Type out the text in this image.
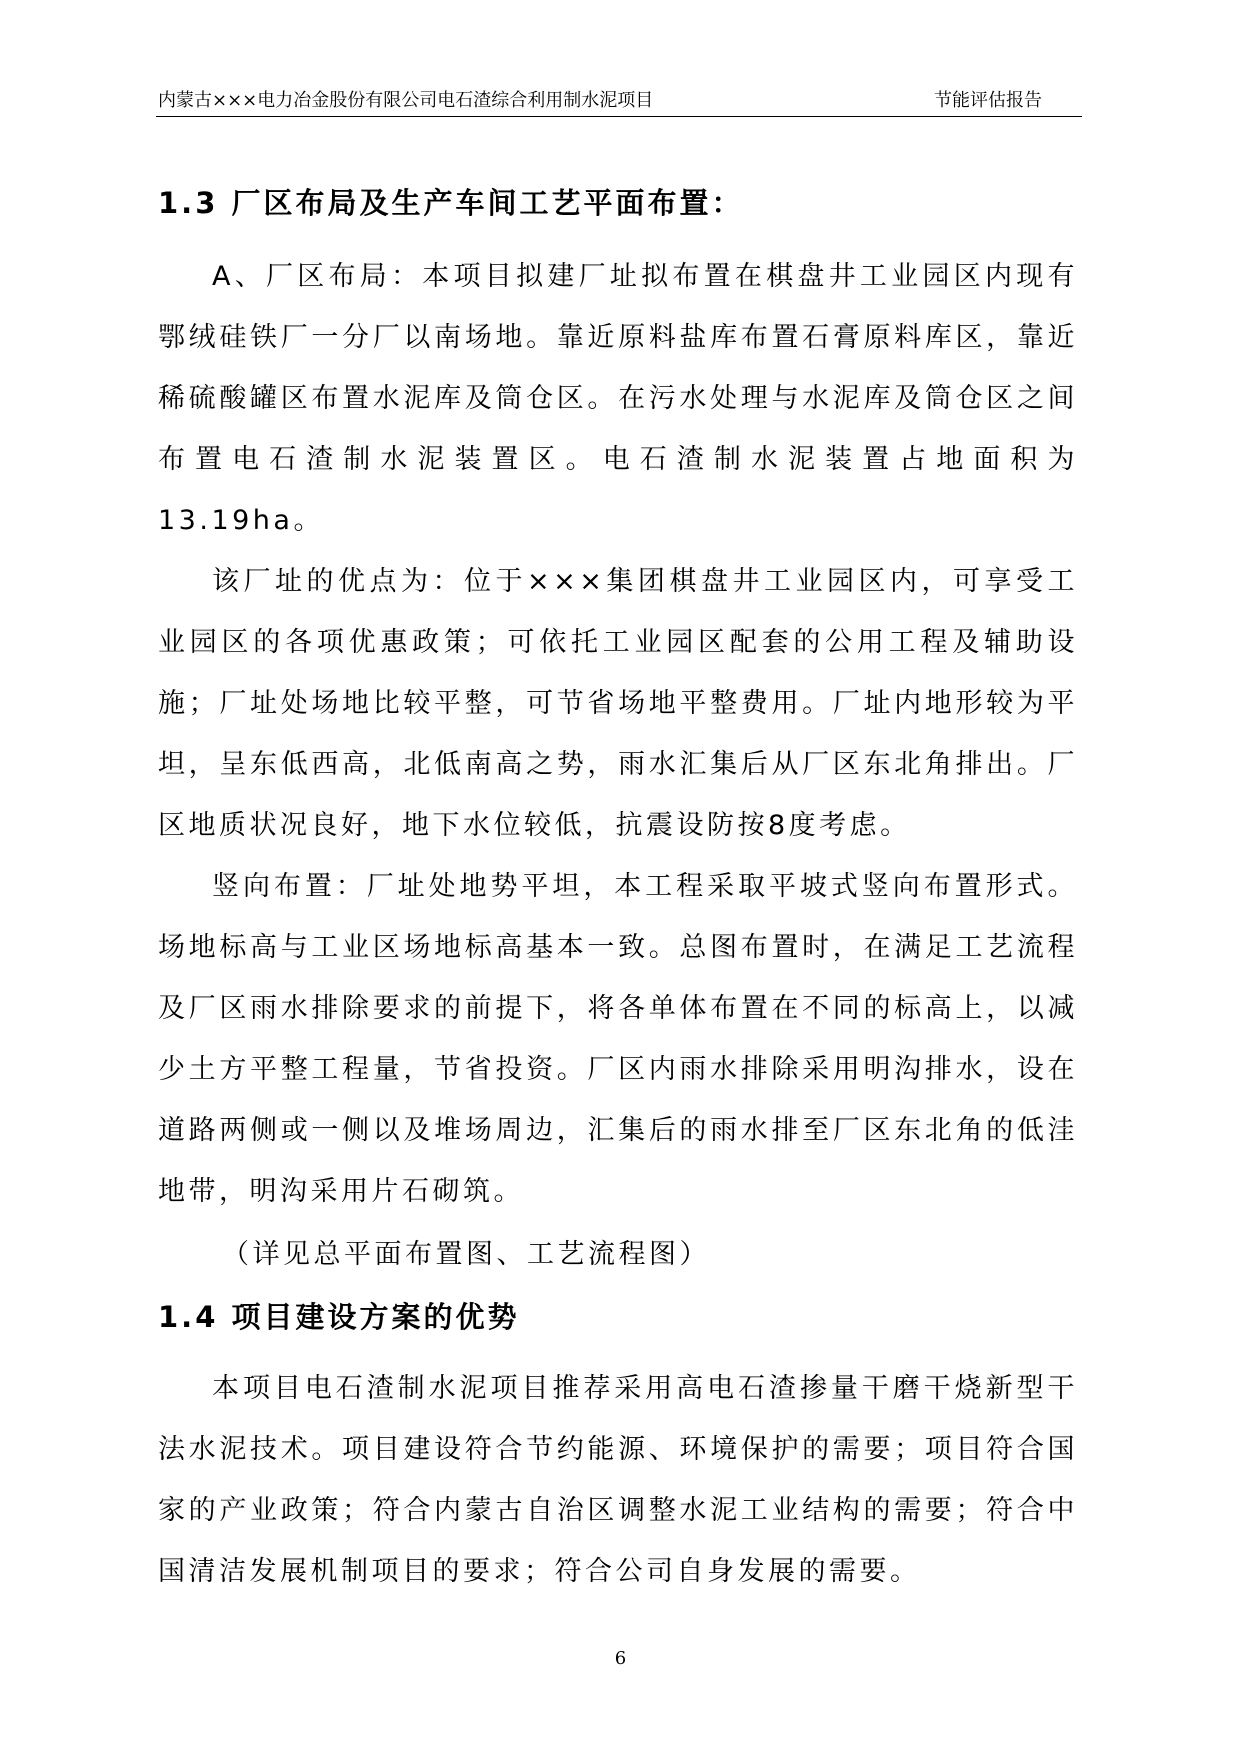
内蒙古×××电力冶金股份有限公司电石渣综合利用制水泥项目	节能评估报告
1.3 厂区布局及生产车间工艺平面布置：

A、厂区布局：本项目拟建厂址拟布置在棋盘井工业园区内现有鄂绒硅铁厂一分厂以南场地。靠近原料盐库布置石膏原料库区，靠近稀硫酸罐区布置水泥库及筒仓区。在污水处理与水泥库及筒仓区之间布置电石渣制水泥装置区。电石渣制水泥装置占地面积为13.19ha。

该厂址的优点为：位于×××集团棋盘井工业园区内，可享受工业园区的各项优惠政策；可依托工业园区配套的公用工程及辅助设施；厂址处场地比较平整，可节省场地平整费用。厂址内地形较为平坦，呈东低西高，北低南高之势，雨水汇集后从厂区东北角排出。厂区地质状况良好，地下水位较低，抗震设防按8度考虑。

竖向布置：厂址处地势平坦，本工程采取平坡式竖向布置形式。场地标高与工业区场地标高基本一致。总图布置时，在满足工艺流程及厂区雨水排除要求的前提下，将各单体布置在不同的标高上，以减少土方平整工程量，节省投资。厂区内雨水排除采用明沟排水，设在道路两侧或一侧以及堆场周边，汇集后的雨水排至厂区东北角的低洼地带，明沟采用片石砌筑。

（详见总平面布置图、工艺流程图）

1.4 项目建设方案的优势

本项目电石渣制水泥项目推荐采用高电石渣掺量干磨干烧新型干法水泥技术。项目建设符合节约能源、环境保护的需要；项目符合国家的产业政策；符合内蒙古自治区调整水泥工业结构的需要；符合中国清洁发展机制项目的要求；符合公司自身发展的需要。

6
